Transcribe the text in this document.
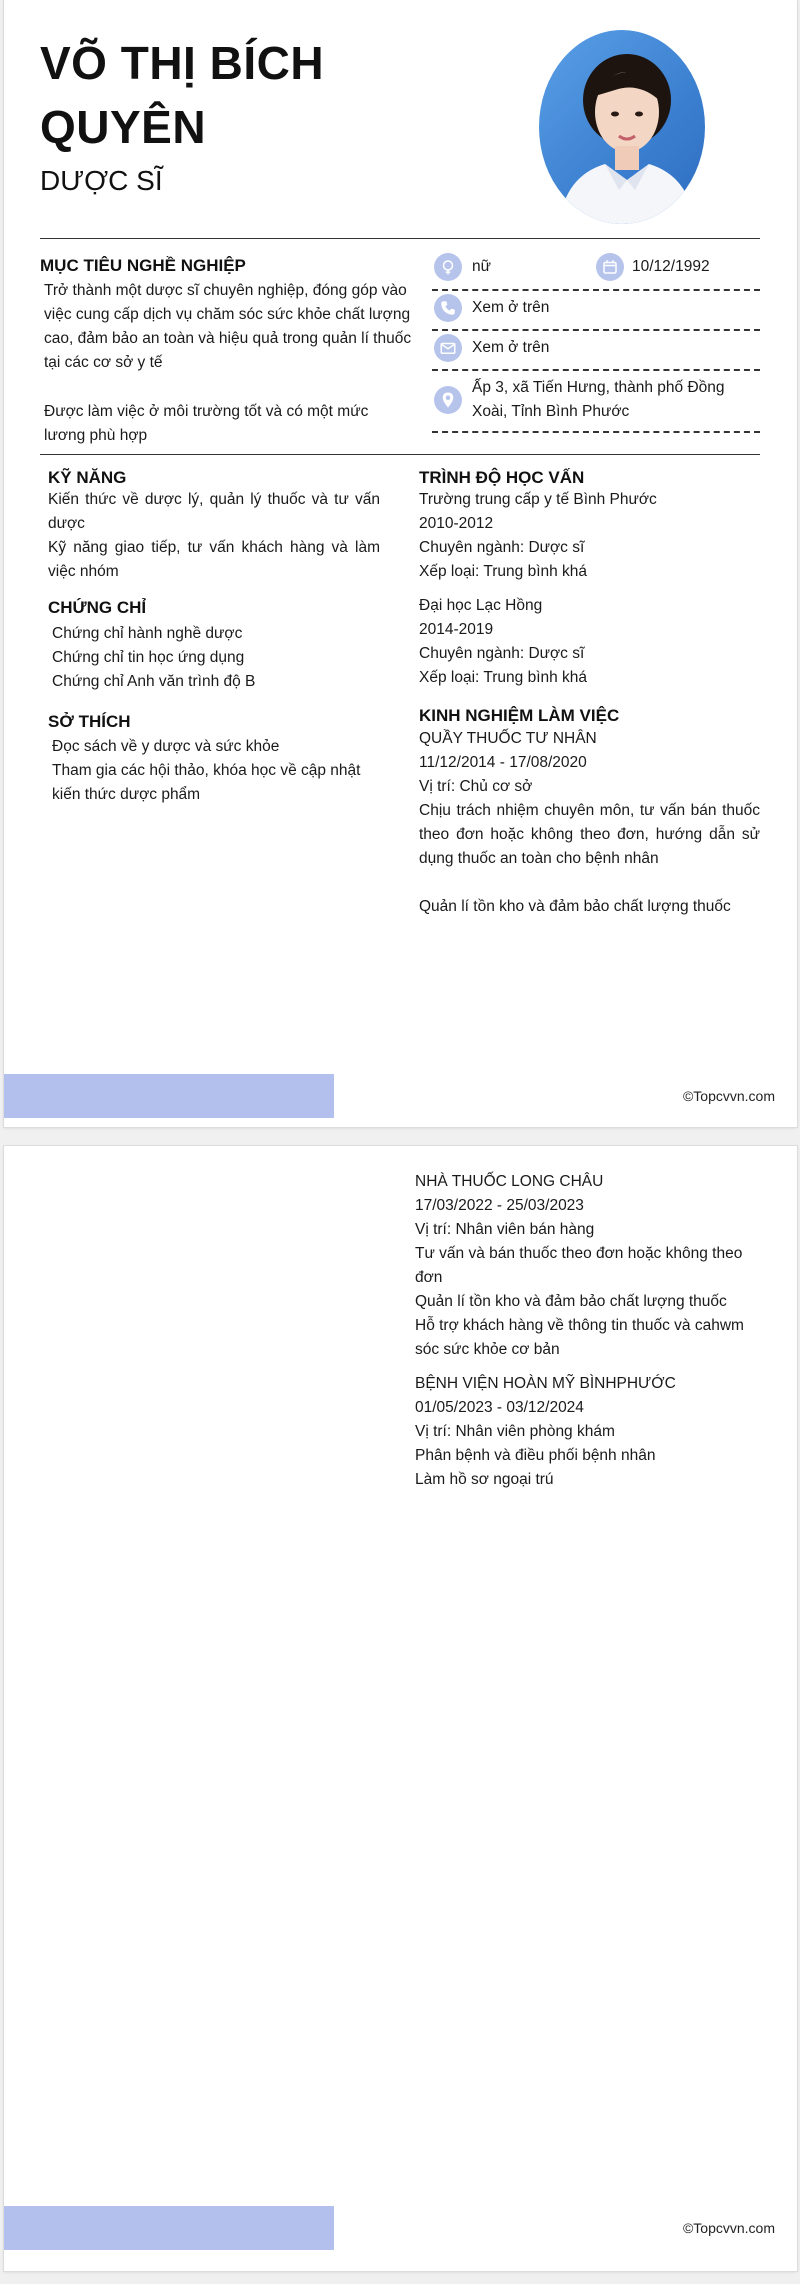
VÕ THỊ BÍCH
QUYÊN
DƯỢC SĨ
MỤC TIÊU NGHỀ NGHIỆP

Trở thành một dược sĩ chuyên nghiệp, đóng góp vào việc cung cấp dịch vụ chăm sóc sức khỏe chất lượng cao, đảm bảo an toàn và hiệu quả trong quản lí thuốc tại các cơ sở y tế

Được làm việc ở môi trường tốt và có một mức lương phù hợp

nữ	10/12/1992
Xem ở trên
Xem ở trên

Ấp 3, xã Tiến Hưng, thành phố Đồng Xoài, Tỉnh Bình Phước

KỸ NĂNG

Kiến thức về dược lý, quản lý thuốc và tư vấn dược

Kỹ năng giao tiếp, tư vấn khách hàng và làm việc nhóm

CHỨNG CHỈ

Chứng chỉ hành nghề dược

Chứng chỉ tin học ứng dụng

Chứng chỉ Anh văn trình độ B

SỞ THÍCH

Đọc sách về y dược và sức khỏe

Tham gia các hội thảo, khóa học về cập nhật kiến thức dược phẩm

TRÌNH ĐỘ HỌC VẤN

Trường trung cấp y tế Bình Phước

2010-2012

Chuyên ngành: Dược sĩ

Xếp loại: Trung bình khá

Đại học Lạc Hồng

2014-2019

Chuyên ngành: Dược sĩ

Xếp loại: Trung bình khá

KINH NGHIỆM LÀM VIỆC

QUẦY THUỐC TƯ NHÂN

11/12/2014 - 17/08/2020

Vị trí: Chủ cơ sở

Chịu trách nhiệm chuyên môn, tư vấn bán thuốc theo đơn hoặc không theo đơn, hướng dẫn sử dụng thuốc an toàn cho bệnh nhân

Quản lí tồn kho và đảm bảo chất lượng thuốc

©Topcvvn.com

NHÀ THUỐC LONG CHÂU

17/03/2022 - 25/03/2023

Vị trí: Nhân viên bán hàng

Tư vấn và bán thuốc theo đơn hoặc không theo đơn

Quản lí tồn kho và đảm bảo chất lượng thuốc

Hỗ trợ khách hàng về thông tin thuốc và cahwm sóc sức khỏe cơ bản

BỆNH VIỆN HOÀN MỸ BÌNHPHƯỚC

01/05/2023 - 03/12/2024

Vị trí: Nhân viên phòng khám

Phân bệnh và điều phối bệnh nhân

Làm hồ sơ ngoại trú

©Topcvvn.com
